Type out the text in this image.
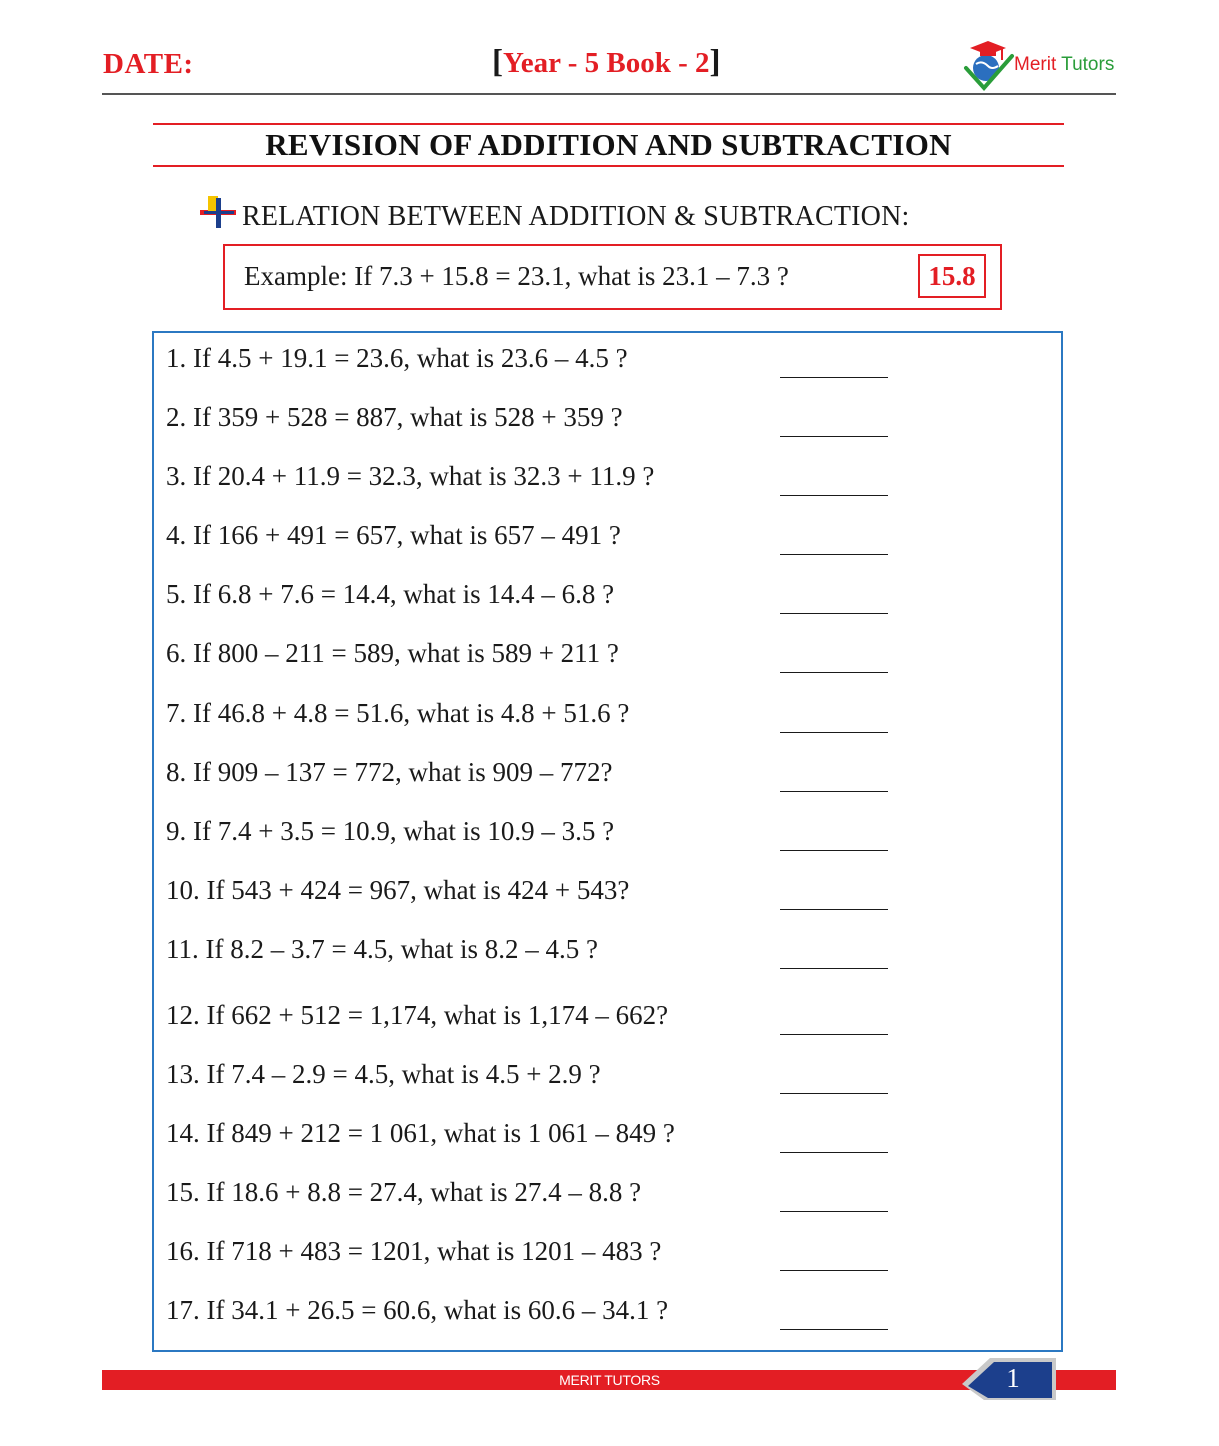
DATE:	[Year - 5 Book - 2]	Merit Tutors
REVISION OF ADDITION AND SUBTRACTION
RELATION BETWEEN ADDITION & SUBTRACTION:
Example: If 7.3 + 15.8 = 23.1, what is 23.1 – 7.3 ?	15.8
1. If 4.5 + 19.1 = 23.6, what is 23.6 – 4.5 ?
2. If 359 + 528 = 887, what is 528 + 359 ?
3. If 20.4 + 11.9 = 32.3, what is 32.3 + 11.9 ?
4. If 166 + 491 = 657, what is 657 – 491 ?
5. If 6.8 + 7.6 = 14.4, what is 14.4 – 6.8 ?
6. If 800 – 211 = 589, what is 589 + 211 ?
7. If 46.8 + 4.8 = 51.6, what is 4.8 + 51.6 ?
8. If 909 – 137 = 772, what is 909 – 772?
9. If 7.4 + 3.5 = 10.9, what is 10.9 – 3.5 ?
10. If 543 + 424 = 967, what is 424 + 543?
11. If 8.2 – 3.7 = 4.5, what is 8.2 – 4.5 ?
12. If 662 + 512 = 1,174, what is 1,174 – 662?
13. If 7.4 – 2.9 = 4.5, what is 4.5 + 2.9 ?
14. If 849 + 212 = 1 061, what is 1 061 – 849 ?
15. If 18.6 + 8.8 = 27.4, what is 27.4 – 8.8 ?
16. If 718 + 483 = 1201, what is 1201 – 483 ?
17. If 34.1 + 26.5 = 60.6, what is 60.6 – 34.1 ?
MERIT TUTORS	1
